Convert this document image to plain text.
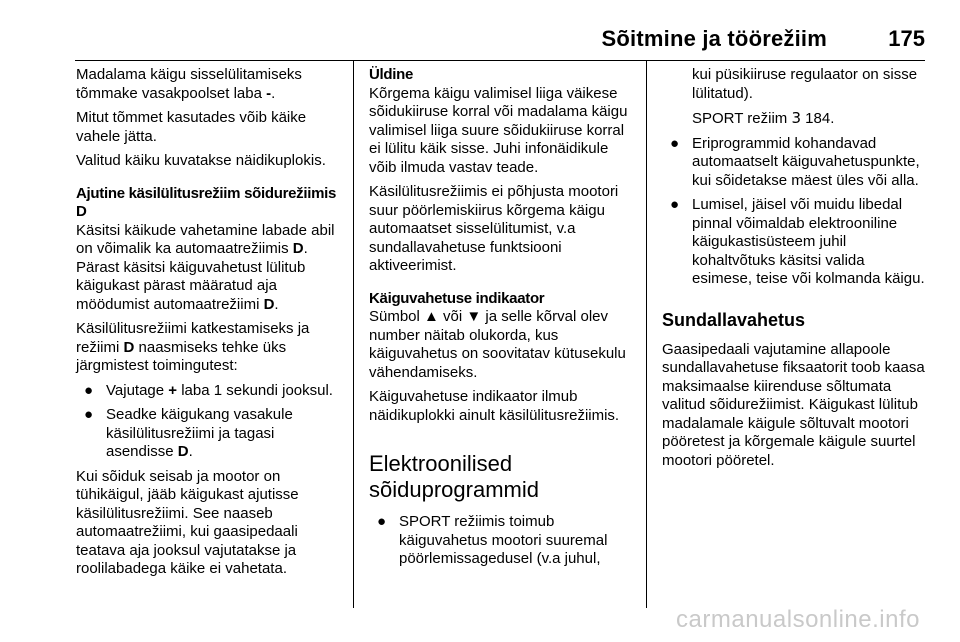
Sõitmine ja töörežiim	175

Madalama käigu sisselülitamiseks tõmmake vasakpoolset laba -.

Mitut tõmmet kasutades võib käike vahele jätta.

Valitud käiku kuvatakse näidikuplokis.

Ajutine käsilülitusrežiim sõidurežiimis D

Käsitsi käikude vahetamine labade abil on võimalik ka automaatrežiimis D. Pärast käsitsi käiguvahetust lülitub käigukast pärast määratud aja möödumist automaatrežiimi D.

Käsilülitusrežiimi katkestamiseks ja režiimi D naasmiseks tehke üks järgmistest toimingutest:

● Vajutage + laba 1 sekundi jooksul.
● Seadke käigukang vasakule käsilülitusrežiimi ja tagasi asendisse D.

Kui sõiduk seisab ja mootor on tühikäigul, jääb käigukast ajutisse käsilülitusrežiimi. See naaseb automaatrežiimi, kui gaasipedaali teatava aja jooksul vajutatakse ja roolilabadega käike ei vahetata.

Üldine

Kõrgema käigu valimisel liiga väikese sõidukiiruse korral või madalama käigu valimisel liiga suure sõidukiiruse korral ei lülitu käik sisse. Juhi infonäidikule võib ilmuda vastav teade.

Käsilülitusrežiimis ei põhjusta mootori suur pöörlemiskiirus kõrgema käigu automaatset sisselülitumist, v.a sundallavahetuse funktsiooni aktiveerimist.

Käiguvahetuse indikaator

Sümbol ▲ või ▼ ja selle kõrval olev number näitab olukorda, kus käiguvahetus on soovitatav kütusekulu vähendamiseks.

Käiguvahetuse indikaator ilmub näidikuplokki ainult käsilülitusrežiimis.

Elektroonilised sõiduprogrammid

● SPORT režiimis toimub käiguvahetus mootori suuremal pöörlemissagedusel (v.a juhul,
kui püsikiiruse regulaator on sisse lülitatud).
SPORT režiim 3 184.
● Eriprogrammid kohandavad automaatselt käiguvahetuspunkte, kui sõidetakse mäest üles või alla.
● Lumisel, jäisel või muidu libedal pinnal võimaldab elektrooniline käigukastisüsteem juhil kohaltvõtuks käsitsi valida esimese, teise või kolmanda käigu.

Sundallavahetus

Gaasipedaali vajutamine allapoole sundallavahetuse fiksaatorit toob kaasa maksimaalse kiirenduse sõltumata valitud sõidurežiimist. Käigukast lülitub madalamale käigule sõltuvalt mootori pööretest ja kõrgemale käigule suurtel mootori pööretel.

carmanualsonline.info
